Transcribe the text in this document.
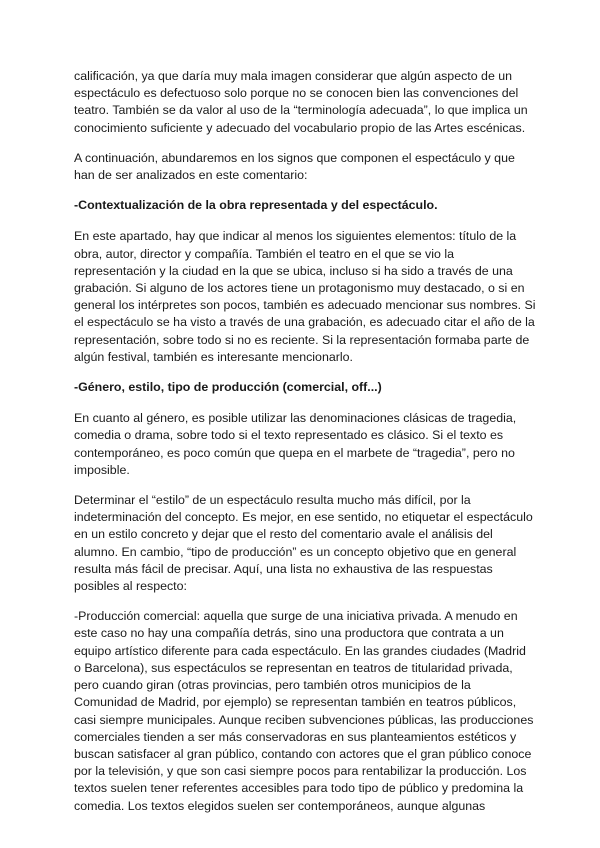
calificación, ya que daría muy mala imagen considerar que algún aspecto de un espectáculo es defectuoso solo porque no se conocen bien las convenciones del teatro. También se da valor al uso de la “terminología adecuada”, lo que implica un conocimiento suficiente y adecuado del vocabulario propio de las Artes escénicas.

A continuación, abundaremos en los signos que componen el espectáculo y que han de ser analizados en este comentario:

-Contextualización de la obra representada y del espectáculo.

En este apartado, hay que indicar al menos los siguientes elementos: título de la obra, autor, director y compañía. También el teatro en el que se vio la representación y la ciudad en la que se ubica, incluso si ha sido a través de una grabación. Si alguno de los actores tiene un protagonismo muy destacado, o si en general los intérpretes son pocos, también es adecuado mencionar sus nombres. Si el espectáculo se ha visto a través de una grabación, es adecuado citar el año de la representación, sobre todo si no es reciente. Si la representación formaba parte de algún festival, también es interesante mencionarlo.

-Género, estilo, tipo de producción (comercial, off...)

En cuanto al género, es posible utilizar las denominaciones clásicas de tragedia, comedia o drama, sobre todo si el texto representado es clásico. Si el texto es contemporáneo, es poco común que quepa en el marbete de “tragedia”, pero no imposible.

Determinar el “estilo” de un espectáculo resulta mucho más difícil, por la indeterminación del concepto. Es mejor, en ese sentido, no etiquetar el espectáculo en un estilo concreto y dejar que el resto del comentario avale el análisis del alumno. En cambio, “tipo de producción” es un concepto objetivo que en general resulta más fácil de precisar. Aquí, una lista no exhaustiva de las respuestas posibles al respecto:

-Producción comercial: aquella que surge de una iniciativa privada. A menudo en este caso no hay una compañía detrás, sino una productora que contrata a un equipo artístico diferente para cada espectáculo. En las grandes ciudades (Madrid o Barcelona), sus espectáculos se representan en teatros de titularidad privada, pero cuando giran (otras provincias, pero también otros municipios de la Comunidad de Madrid, por ejemplo) se representan también en teatros públicos, casi siempre municipales. Aunque reciben subvenciones públicas, las producciones comerciales tienden a ser más conservadoras en sus planteamientos estéticos y buscan satisfacer al gran público, contando con actores que el gran público conoce por la televisión, y que son casi siempre pocos para rentabilizar la producción. Los textos suelen tener referentes accesibles para todo tipo de público y predomina la comedia. Los textos elegidos suelen ser contemporáneos, aunque algunas
